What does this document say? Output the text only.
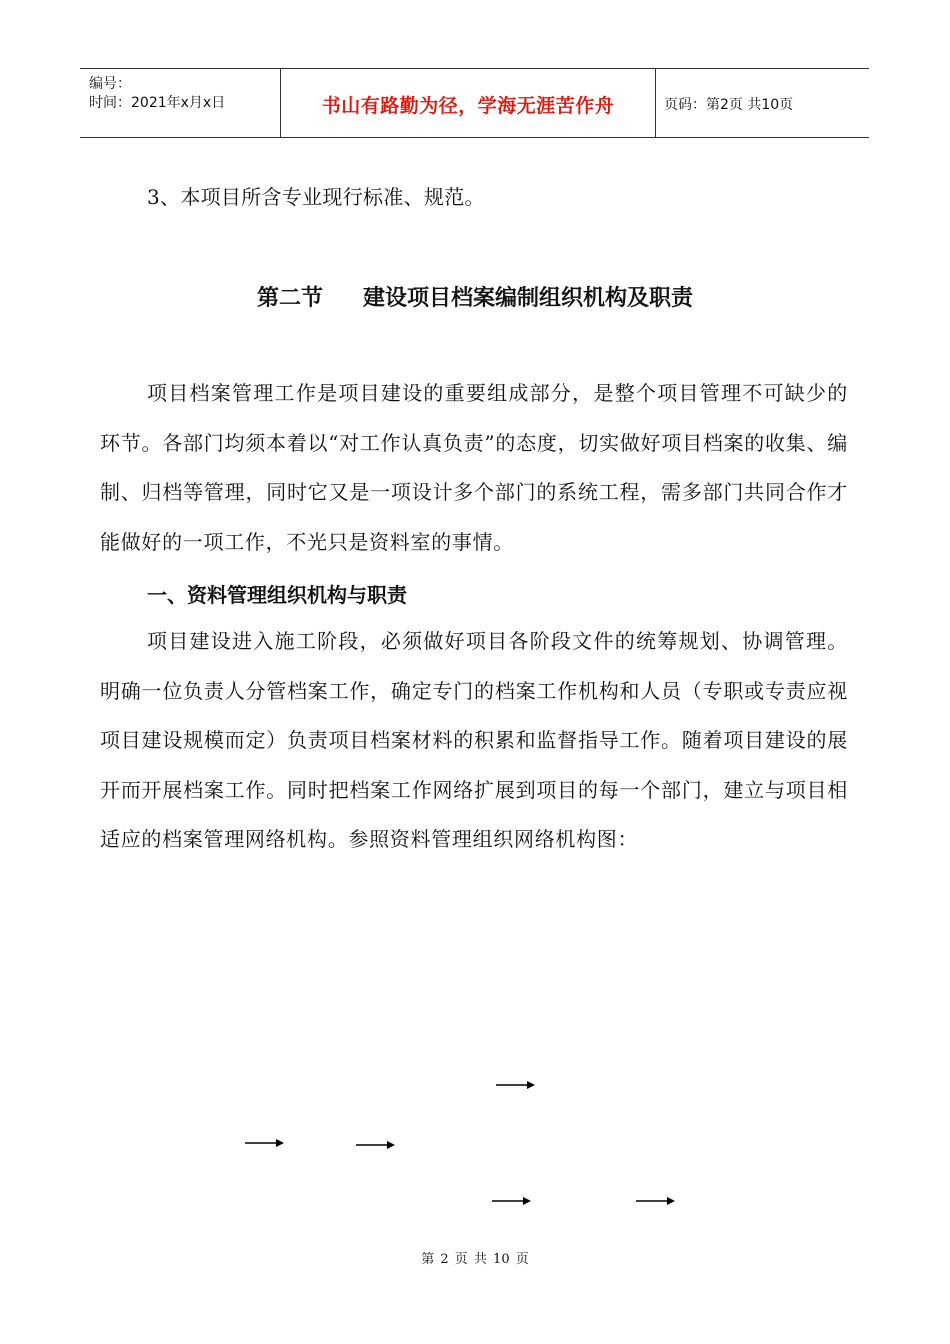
编号：
时间：2021年x月x日	书山有路勤为径，学海无涯苦作舟	页码：第2页 共10页
3、本项目所含专业现行标准、规范。
第二节 建设项目档案编制组织机构及职责
项目档案管理工作是项目建设的重要组成部分，是整个项目管理不可缺少的环节。各部门均须本着以“对工作认真负责”的态度，切实做好项目档案的收集、编制、归档等管理，同时它又是一项设计多个部门的系统工程，需多部门共同合作才能做好的一项工作，不光只是资料室的事情。
一、资料管理组织机构与职责
项目建设进入施工阶段，必须做好项目各阶段文件的统筹规划、协调管理。明确一位负责人分管档案工作，确定专门的档案工作机构和人员（专职或专责应视项目建设规模而定）负责项目档案材料的积累和监督指导工作。随着项目建设的展开而开展档案工作。同时把档案工作网络扩展到项目的每一个部门，建立与项目相适应的档案管理网络机构。参照资料管理组织网络机构图：
第 2 页 共 10 页
